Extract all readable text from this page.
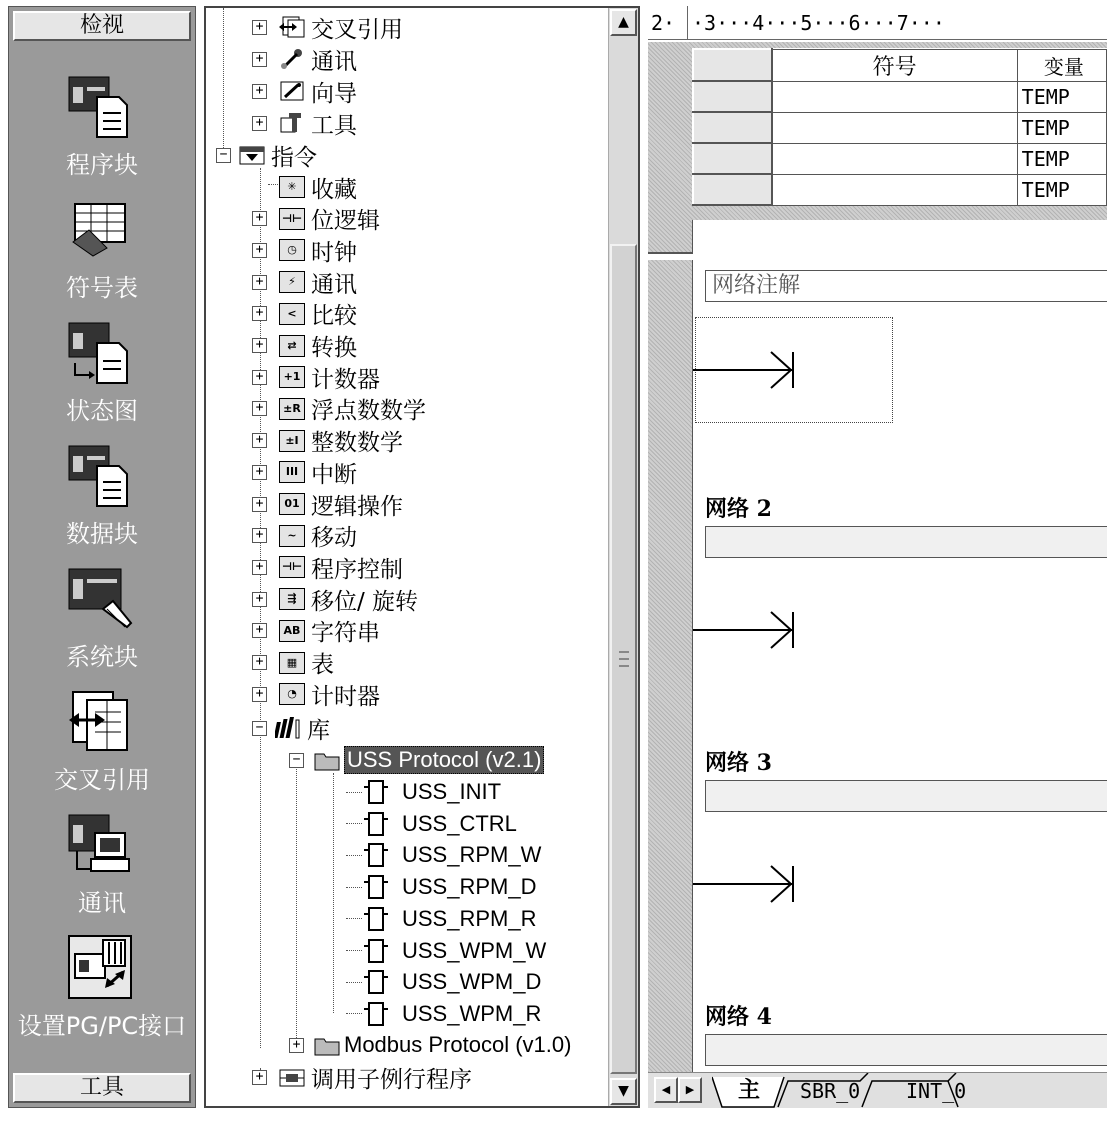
检视
程序块
符号表
状态图
数据块
系统块
交叉引用
通讯
设置PG/PC接口
工具
+ 交叉引用
+ 通讯
+ 向导
+ 工具
− 指令
✳ 收藏
+	⊣⊢ 位逻辑
+	◷ 时钟
+	⚡ 通讯
+	< 比较
+	⇄ 转换
+	+1 计数器
+	±R 浮点数数学
+	±I 整数数学
+	III 中断
+	01 逻辑操作
+	~ 移动
+	⊣⊢ 程序控制
+	⇶ 移位/ 旋转
+	AB 字符串
+	▦ 表
+	◔ 计时器
− 库
− USS Protocol (v2.1)
USS_INIT
USS_CTRL
USS_RPM_W
USS_RPM_D
USS_RPM_R
USS_WPM_W
USS_WPM_D
USS_WPM_R
+ Modbus Protocol (v1.0)
+ 调用子例行程序
▲
▼

2·

·3···4···5···6···7···

	符号	变量
		TEMP
		TEMP
		TEMP
		TEMP
网络注解
网络 2
网络 3
网络 4
◀	▶	主 SBR_0 INT_0
